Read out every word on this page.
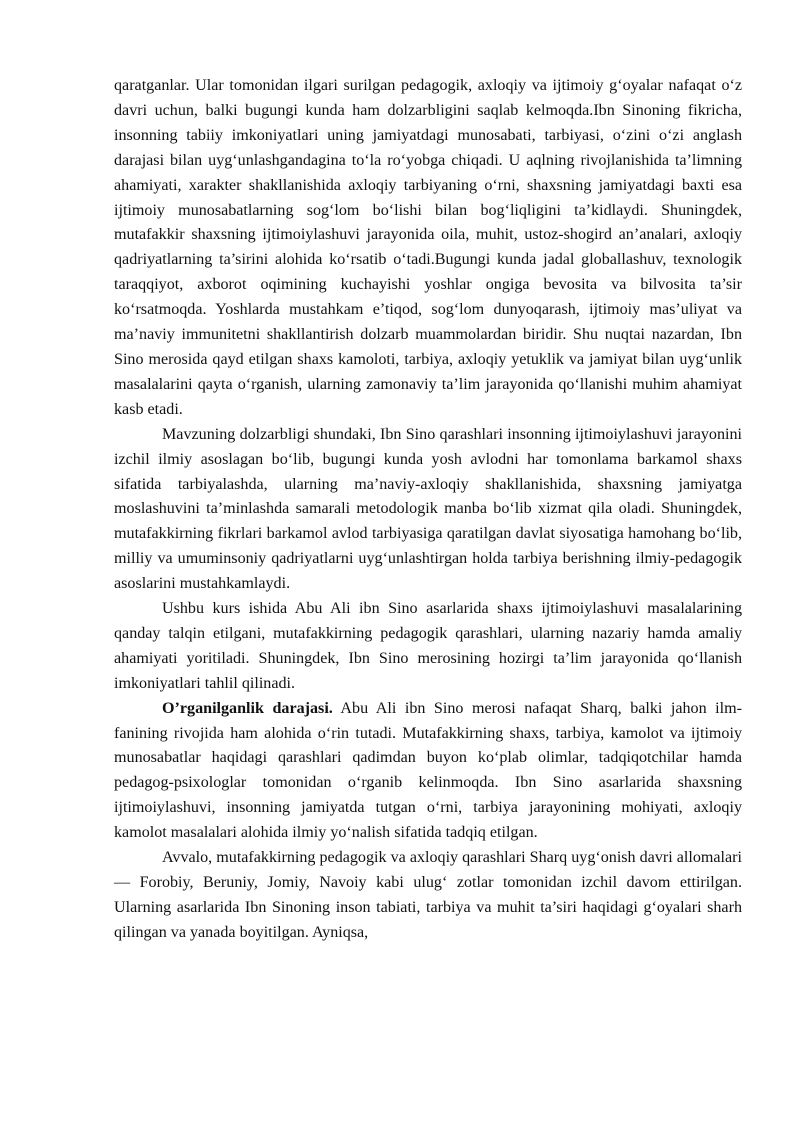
qaratganlar. Ular tomonidan ilgari surilgan pedagogik, axloqiy va ijtimoiy g‘oyalar nafaqat o‘z davri uchun, balki bugungi kunda ham dolzarbligini saqlab kelmoqda.Ibn Sinoning fikricha, insonning tabiiy imkoniyatlari uning jamiyatdagi munosabati, tarbiyasi, o‘zini o‘zi anglash darajasi bilan uyg‘unlashgandagina to‘la ro‘yobga chiqadi. U aqlning rivojlanishida ta’limning ahamiyati, xarakter shakllanishida axloqiy tarbiyaning o‘rni, shaxsning jamiyatdagi baxti esa ijtimoiy munosabatlarning sog‘lom bo‘lishi bilan bog‘liqligini ta’kidlaydi. Shuningdek, mutafakkir shaxsning ijtimoiylashuvi jarayonida oila, muhit, ustoz-shogird an’analari, axloqiy qadriyatlarning ta’sirini alohida ko‘rsatib o‘tadi.Bugungi kunda jadal globallashuv, texnologik taraqqiyot, axborot oqimining kuchayishi yoshlar ongiga bevosita va bilvosita ta’sir ko‘rsatmoqda. Yoshlarda mustahkam e’tiqod, sog‘lom dunyoqarash, ijtimoiy mas’uliyat va ma’naviy immunitetni shakllantirish dolzarb muammolardan biridir. Shu nuqtai nazardan, Ibn Sino merosida qayd etilgan shaxs kamoloti, tarbiya, axloqiy yetuklik va jamiyat bilan uyg‘unlik masalalarini qayta o‘rganish, ularning zamonaviy ta’lim jarayonida qo‘llanishi muhim ahamiyat kasb etadi.

Mavzuning dolzarbligi shundaki, Ibn Sino qarashlari insonning ijtimoiylashuvi jarayonini izchil ilmiy asoslagan bo‘lib, bugungi kunda yosh avlodni har tomonlama barkamol shaxs sifatida tarbiyalashda, ularning ma’naviy-axloqiy shakllanishida, shaxsning jamiyatga moslashuvini ta’minlashda samarali metodologik manba bo‘lib xizmat qila oladi. Shuningdek, mutafakkirning fikrlari barkamol avlod tarbiyasiga qaratilgan davlat siyosatiga hamohang bo‘lib, milliy va umuminsoniy qadriyatlarni uyg‘unlashtirgan holda tarbiya berishning ilmiy-pedagogik asoslarini mustahkamlaydi.

Ushbu kurs ishida Abu Ali ibn Sino asarlarida shaxs ijtimoiylashuvi masalalarining qanday talqin etilgani, mutafakkirning pedagogik qarashlari, ularning nazariy hamda amaliy ahamiyati yoritiladi. Shuningdek, Ibn Sino merosining hozirgi ta’lim jarayonida qo‘llanish imkoniyatlari tahlil qilinadi.

O’rganilganlik darajasi. Abu Ali ibn Sino merosi nafaqat Sharq, balki jahon ilm-fanining rivojida ham alohida o‘rin tutadi. Mutafakkirning shaxs, tarbiya, kamolot va ijtimoiy munosabatlar haqidagi qarashlari qadimdan buyon ko‘plab olimlar, tadqiqotchilar hamda pedagog-psixologlar tomonidan o‘rganib kelinmoqda. Ibn Sino asarlarida shaxsning ijtimoiylashuvi, insonning jamiyatda tutgan o‘rni, tarbiya jarayonining mohiyati, axloqiy kamolot masalalari alohida ilmiy yo‘nalish sifatida tadqiq etilgan.

Avvalo, mutafakkirning pedagogik va axloqiy qarashlari Sharq uyg‘onish davri allomalari — Forobiy, Beruniy, Jomiy, Navoiy kabi ulug‘ zotlar tomonidan izchil davom ettirilgan. Ularning asarlarida Ibn Sinoning inson tabiati, tarbiya va muhit ta’siri haqidagi g‘oyalari sharh qilingan va yanada boyitilgan. Ayniqsa,
